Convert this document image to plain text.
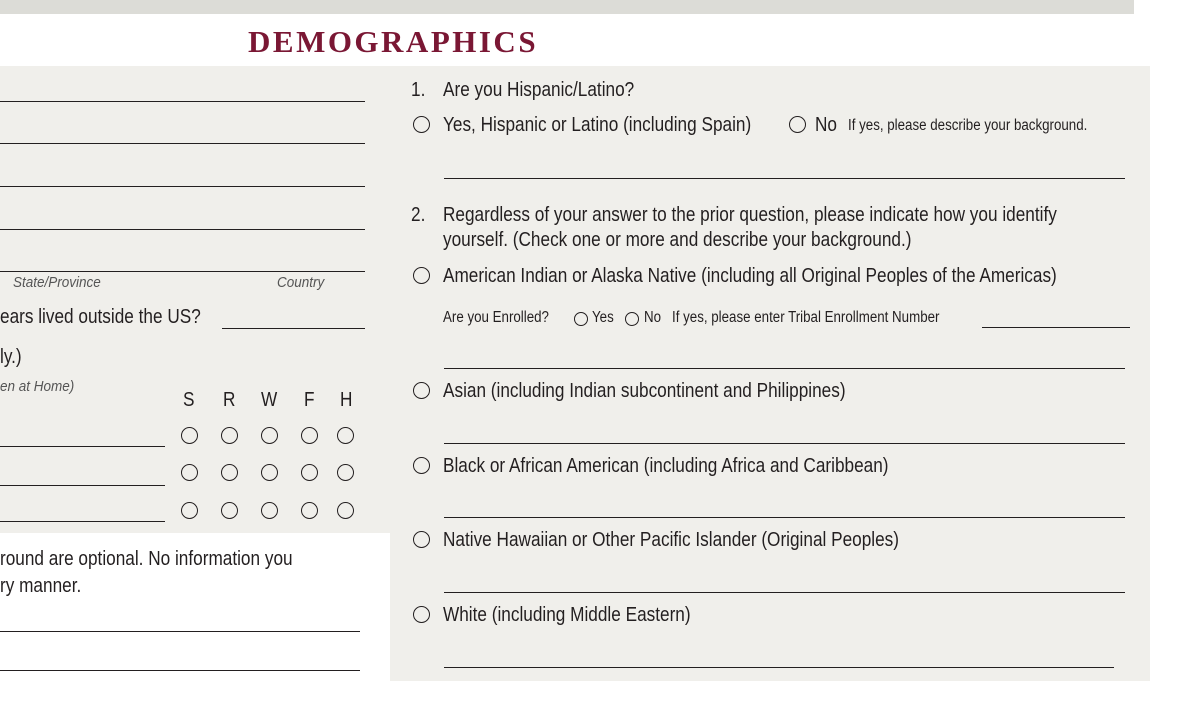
DEMOGRAPHICS
State/Province	Country
ears lived outside the US?
ly.)
en at Home)
S R W F H
round are optional. No information you
ry manner.
1. Are you Hispanic/Latino?
Yes, Hispanic or Latino (including Spain)	No If yes, please describe your background.
2. Regardless of your answer to the prior question, please indicate how you identify
yourself. (Check one or more and describe your background.)
American Indian or Alaska Native (including all Original Peoples of the Americas)
Are you Enrolled?	Yes No If yes, please enter Tribal Enrollment Number
Asian (including Indian subcontinent and Philippines)
Black or African American (including Africa and Caribbean)
Native Hawaiian or Other Pacific Islander (Original Peoples)
White (including Middle Eastern)
